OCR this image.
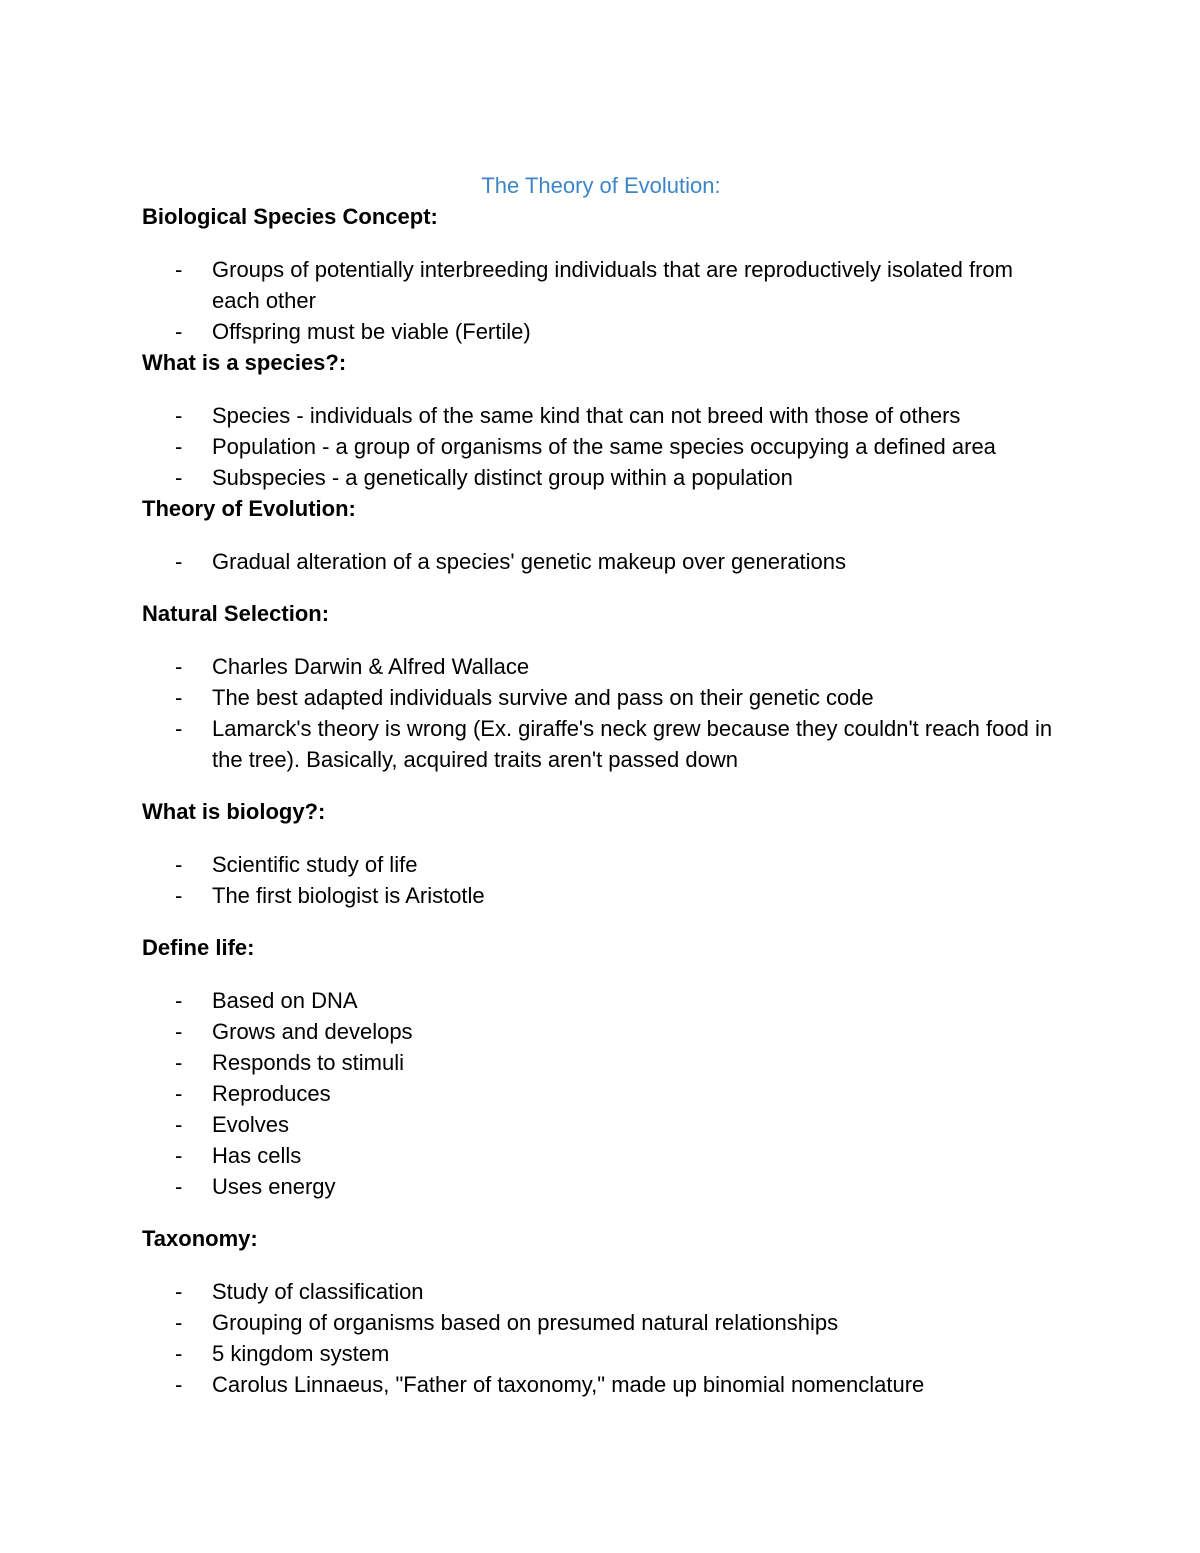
The Theory of Evolution:
Biological Species Concept:
- Groups of potentially interbreeding individuals that are reproductively isolated from each other
- Offspring must be viable (Fertile)
What is a species?:
- Species - individuals of the same kind that can not breed with those of others
- Population - a group of organisms of the same species occupying a defined area
- Subspecies - a genetically distinct group within a population
Theory of Evolution:
- Gradual alteration of a species' genetic makeup over generations
Natural Selection:
- Charles Darwin & Alfred Wallace
- The best adapted individuals survive and pass on their genetic code
- Lamarck's theory is wrong (Ex. giraffe's neck grew because they couldn't reach food in the tree). Basically, acquired traits aren't passed down
What is biology?:
- Scientific study of life
- The first biologist is Aristotle
Define life:
- Based on DNA
- Grows and develops
- Responds to stimuli
- Reproduces
- Evolves
- Has cells
- Uses energy
Taxonomy:
- Study of classification
- Grouping of organisms based on presumed natural relationships
- 5 kingdom system
- Carolus Linnaeus, "Father of taxonomy," made up binomial nomenclature
